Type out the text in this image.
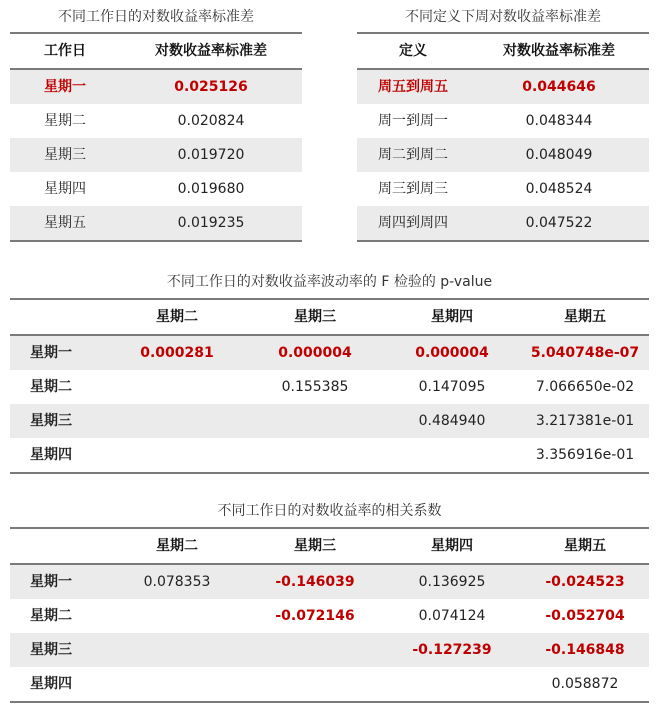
不同工作日的对数收益率标准差
工作日	对数收益率标准差
星期一	0.025126
星期二	0.020824
星期三	0.019720
星期四	0.019680
星期五	0.019235
不同定义下周对数收益率标准差
定义	对数收益率标准差
周五到周五	0.044646
周一到周一	0.048344
周二到周二	0.048049
周三到周三	0.048524
周四到周四	0.047522
不同工作日的对数收益率波动率的 F 检验的 p-value
	星期二	星期三	星期四	星期五
星期一	0.000281	0.000004	0.000004	5.040748e-07
星期二		0.155385	0.147095	7.066650e-02
星期三			0.484940	3.217381e-01
星期四				3.356916e-01
不同工作日的对数收益率的相关系数
	星期二	星期三	星期四	星期五
星期一	0.078353	-0.146039	0.136925	-0.024523
星期二		-0.072146	0.074124	-0.052704
星期三			-0.127239	-0.146848
星期四				0.058872
